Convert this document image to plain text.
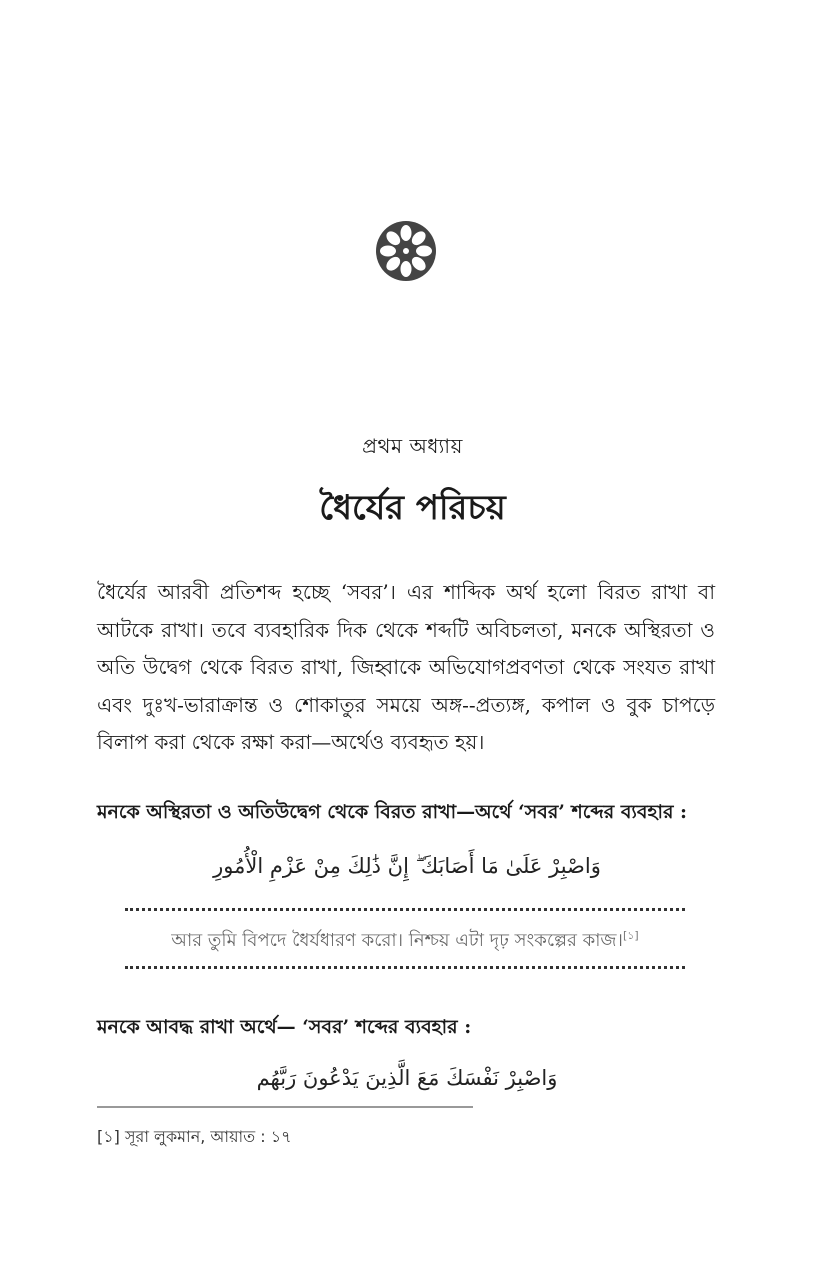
প্রথম অধ্যায়
ধৈর্যের পরিচয়

ধৈর্যের আরবী প্রতিশব্দ হচ্ছে ‘সবর’। এর শাব্দিক অর্থ হলো বিরত রাখা বা আটকে রাখা। তবে ব্যবহারিক দিক থেকে শব্দটি অবিচলতা, মনকে অস্থিরতা ও অতি উদ্বেগ থেকে বিরত রাখা, জিহ্বাকে অভিযোগপ্রবণতা থেকে সংযত রাখা এবং দুঃখ-ভারাক্রান্ত ও শোকাতুর সময়ে অঙ্গ--প্রত্যঙ্গ, কপাল ও বুক চাপড়ে বিলাপ করা থেকে রক্ষা করা—অর্থেও ব্যবহৃত হয়।

মনকে অস্থিরতা ও অতিউদ্বেগ থেকে বিরত রাখা—অর্থে ‘সবর’ শব্দের ব্যবহার :

وَاصْبِرْ عَلَىٰ مَا أَصَابَكَ ۖ إِنَّ ذَٰلِكَ مِنْ عَزْمِ الْأُمُورِ
আর তুমি বিপদে ধৈর্যধারণ করো। নিশ্চয় এটা দৃঢ় সংকল্পের কাজ।[১]

মনকে আবদ্ধ রাখা অর্থে— ‘সবর’ শব্দের ব্যবহার :

وَاصْبِرْ نَفْسَكَ مَعَ الَّذِينَ يَدْعُونَ رَبَّهُم
[১] সূরা লুকমান, আয়াত : ১৭
